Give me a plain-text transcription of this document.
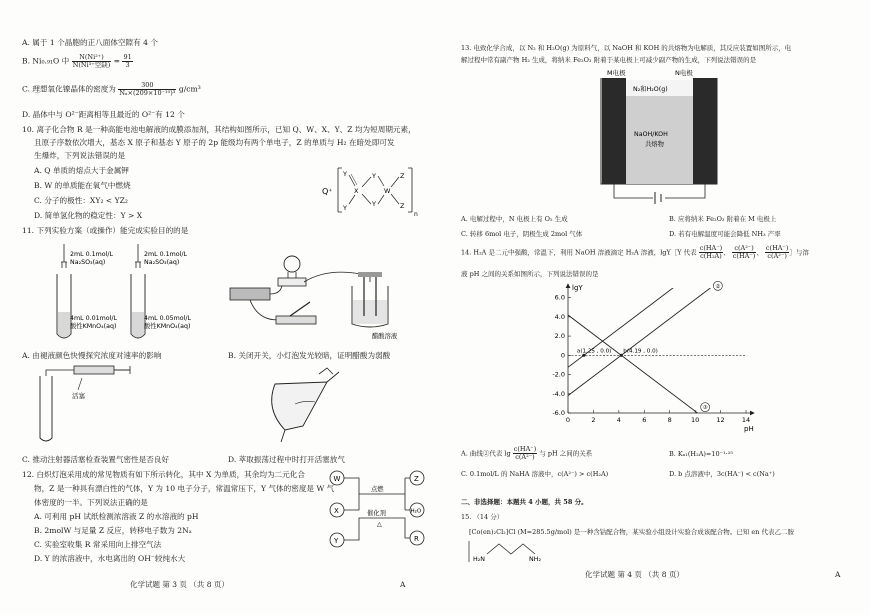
A. 属于 1 个晶胞的正八面体空隙有 4 个
B. Ni₀.₉₁O 中 $\frac{\text{N(Ni²⁺)}}{\text{N(Ni³⁺空缺)}} = \frac{91}{3}$
C. 理想氧化镍晶体的密度为 $\frac{300}{\text{Nₐ×(209×10⁻¹⁰)³}} g/cm^3$
D. 晶体中与 O²⁻距离相等且最近的 O²⁻有 12 个
10. 离子化合物 R 是一种高能电池电解液的成膜添加剂，其结构如图所示，已知 Q、W、X、Y、Z 均为短周期元素，
且原子序数依次增大，基态 X 原子和基态 Y 原子的 2p 能级均有两个单电子，Z 的单质与 H₂ 在暗处即可发
生爆炸，下列说法错误的是
A. Q 单质的熔点大于金属钾
B. W 的单质能在氧气中燃烧
C. 分子的极性：XY₂ < YZ₂
D. 简单氢化物的稳定性：Y > X
Q⁺
n
Y
Y
X
Y
Y
W
Z
Z
11. 下列实验方案（或操作）能完成实验目的的是
2mL 0.1mol/L
Na₂SO₃(aq)
4mL 0.01mol/L
酸性KMnO₄(aq)
2mL 0.1mol/L
Na₂SO₃(aq)
4mL 0.05mol/L
酸性KMnO₄(aq)
醋酸溶液
A. 由褪液颜色快慢探究浓度对速率的影响	B. 关闭开关，小灯泡发光较暗，证明醋酸为弱酸
活塞
C. 推动注射器活塞检查装置气密性是否良好	D. 萃取振荡过程中时打开活塞放气
12. 白炽灯泡采用成的常见物质有如下所示转化，其中 X 为单质，其余均为二元化合
物，Z 是一种具有漂白性的气体，Y 为 10 电子分子，常温常压下，Y 气体的密度是 W 气
体密度的一半。下列说法正确的是
A. 可利用 pH 试纸检测浓溶液 Z 的水溶液的 pH
B. 2molW 与足量 Z 反应，转移电子数为 2Nₐ
C. 实验室收集 R 常采用向上排空气法
D. Y 的浓溶液中，水电离出的 OH⁻较纯水大
W
X
Y
Z
H₂O
R
点燃
催化剂
△
化学试题 第 3 页 （共 8 页）	A
13. 电致化学合成，以 N₂ 和 H₂O(g) 为原料气，以 NaOH 和 KOH 的共熔物为电解质，其反应装置如图所示，电
解过程中常有副产物 H₂ 生成，将纳米 Fe₂O₃ 附着于某电极上可减少副产物的生成，下列说法错误的是
M电极	N电极
N₂和H₂O(g)
NaOH/KOH
共熔物
A. 电解过程中，N 电极上有 O₂ 生成	B. 应将纳米 Fe₂O₃ 附着在 M 电极上
C. 转移 6mol 电子，阴极生成 2mol 气体	D. 若有电解温度可能会降低 NH₃ 产率
14. H₂A 是二元中强酸，常温下，利用 NaOH 溶液滴定 H₂A 溶液，lgY［Y 代表 $\frac{c(HA^-)}{\text{c(H₂A)}}$ 、 $\frac{\text{c(A²⁻)}}{c(HA^-)}$ 、 $\frac{c(HA^-)}{\text{c(A²⁻)}}$ ］与溶
液 pH 之间的关系如图所示，下列说法错误的是
0	2	4	6	8	10	12	14
6.0
4.0
2.0
0
-2.0
-4.0
-6.0
lgY
pH
②
③
a(1.25 , 0.0) b(4.19 , 0.0)
A. 曲线②代表 $\lg \frac{c(HA^-)}{\text{c(A²⁻)}}$ 与 pH 之间的关系	B. Kₐ₁(H₂A)=10⁻¹·²⁵
C. 0.1mol/L 的 NaHA 溶液中，c(A²⁻) > c(H₂A)	D. b 点溶液中，3c(HA⁻) < c(Na⁺)
二、非选择题：本题共 4 小题，共 58 分。
15. （14 分）
[Co(en)₂Cl₂]Cl (M=285.5g/mol) 是一种含钴配合物，某实验小组设计实验合成该配合物。已知 en 代表乙二胺
H₂N	NH₂
化学试题 第 4 页 （共 8 页）	A
